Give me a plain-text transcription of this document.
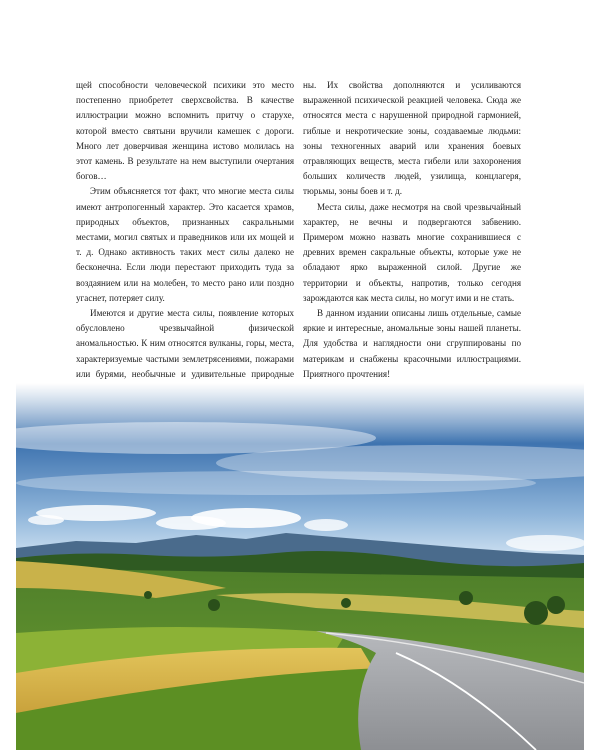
щей способности человеческой психики это место постепенно приобретет сверхсвойства. В качестве иллюстрации можно вспомнить притчу о старухе, которой вместо святыни вручили камешек с дороги. Много лет доверчивая женщина истово молилась на этот камень. В результате на нем выступили очертания богов…

Этим объясняется тот факт, что многие места силы имеют антропогенный характер. Это касается храмов, природных объектов, признанных сакральными местами, могил святых и праведников или их мощей и т. д. Однако активность таких мест силы далеко не бесконечна. Если люди перестают приходить туда за воздаянием или на молебен, то место рано или поздно угаснет, потеряет силу.

Имеются и другие места силы, появление которых обусловлено чрезвычайной физической аномальностью. К ним относятся вулканы, горы, места, характеризуемые частыми землетрясениями, пожарами или бурями, необычные и удивительные природные

ны. Их свойства дополняются и усиливаются выраженной психической реакцией человека. Сюда же относятся места с нарушенной природной гармонией, гиблые и некротические зоны, создаваемые людьми: зоны техногенных аварий или хранения боевых отравляющих веществ, места гибели или захоронения больших количеств людей, узилища, концлагеря, тюрьмы, зоны боев и т. д.

Места силы, даже несмотря на свой чрезвычайный характер, не вечны и подвергаются забвению. Примером можно назвать многие сохранившиеся с древних времен сакральные объекты, которые уже не обладают ярко выраженной силой. Другие же территории и объекты, напротив, только сегодня зарождаются как места силы, но могут ими и не стать.

В данном издании описаны лишь отдельные, самые яркие и интересные, аномальные зоны нашей планеты. Для удобства и наглядности они сгруппированы по материкам и снабжены красочными иллюстрациями. Приятного прочтения!
